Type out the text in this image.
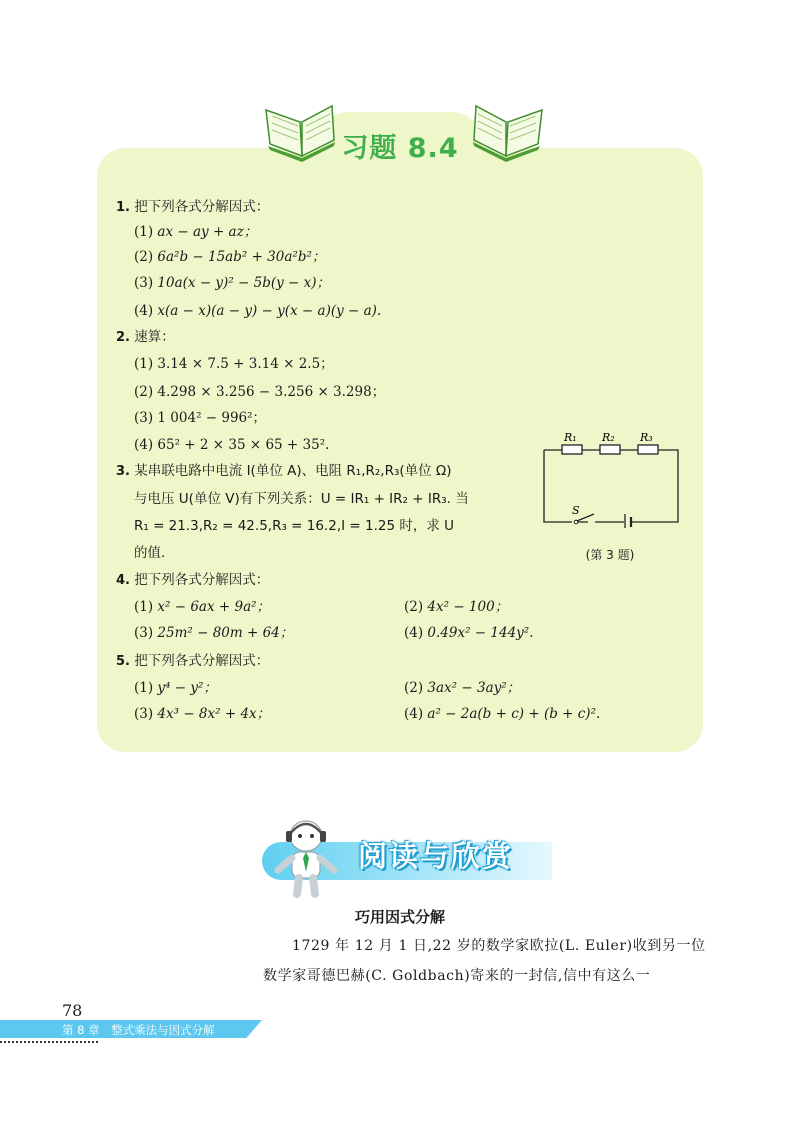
习题 8.4
1. 把下列各式分解因式：
(1) ax − ay + az；
(2) 6a²b − 15ab² + 30a²b²；
(3) 10a(x − y)² − 5b(y − x)；
(4) x(a − x)(a − y) − y(x − a)(y − a).
2. 速算：
(1) 3.14 × 7.5 + 3.14 × 2.5；
(2) 4.298 × 3.256 − 3.256 × 3.298；
(3) 1 004² − 996²；
(4) 65² + 2 × 35 × 65 + 35².
3. 某串联电路中电流 I(单位 A)、电阻 R₁,R₂,R₃(单位 Ω)
与电压 U(单位 V)有下列关系：U = IR₁ + IR₂ + IR₃. 当
R₁ = 21.3,R₂ = 42.5,R₃ = 16.2,I = 1.25 时，求 U
的值.
R₁ R₂ R₃
S
(第 3 题)
4. 把下列各式分解因式：
(1) x² − 6ax + 9a²；	(2) 4x² − 100；
(3) 25m² − 80m + 64；	(4) 0.49x² − 144y².
5. 把下列各式分解因式：
(1) y⁴ − y²；	(2) 3ax² − 3ay²；
(3) 4x³ − 8x² + 4x；	(4) a² − 2a(b + c) + (b + c)².
阅读与欣赏
巧用因式分解
1729 年 12 月 1 日,22 岁的数学家欧拉(L. Euler)收到另一位
数学家哥德巴赫(C. Goldbach)寄来的一封信,信中有这么一
78
第 8 章　整式乘法与因式分解
